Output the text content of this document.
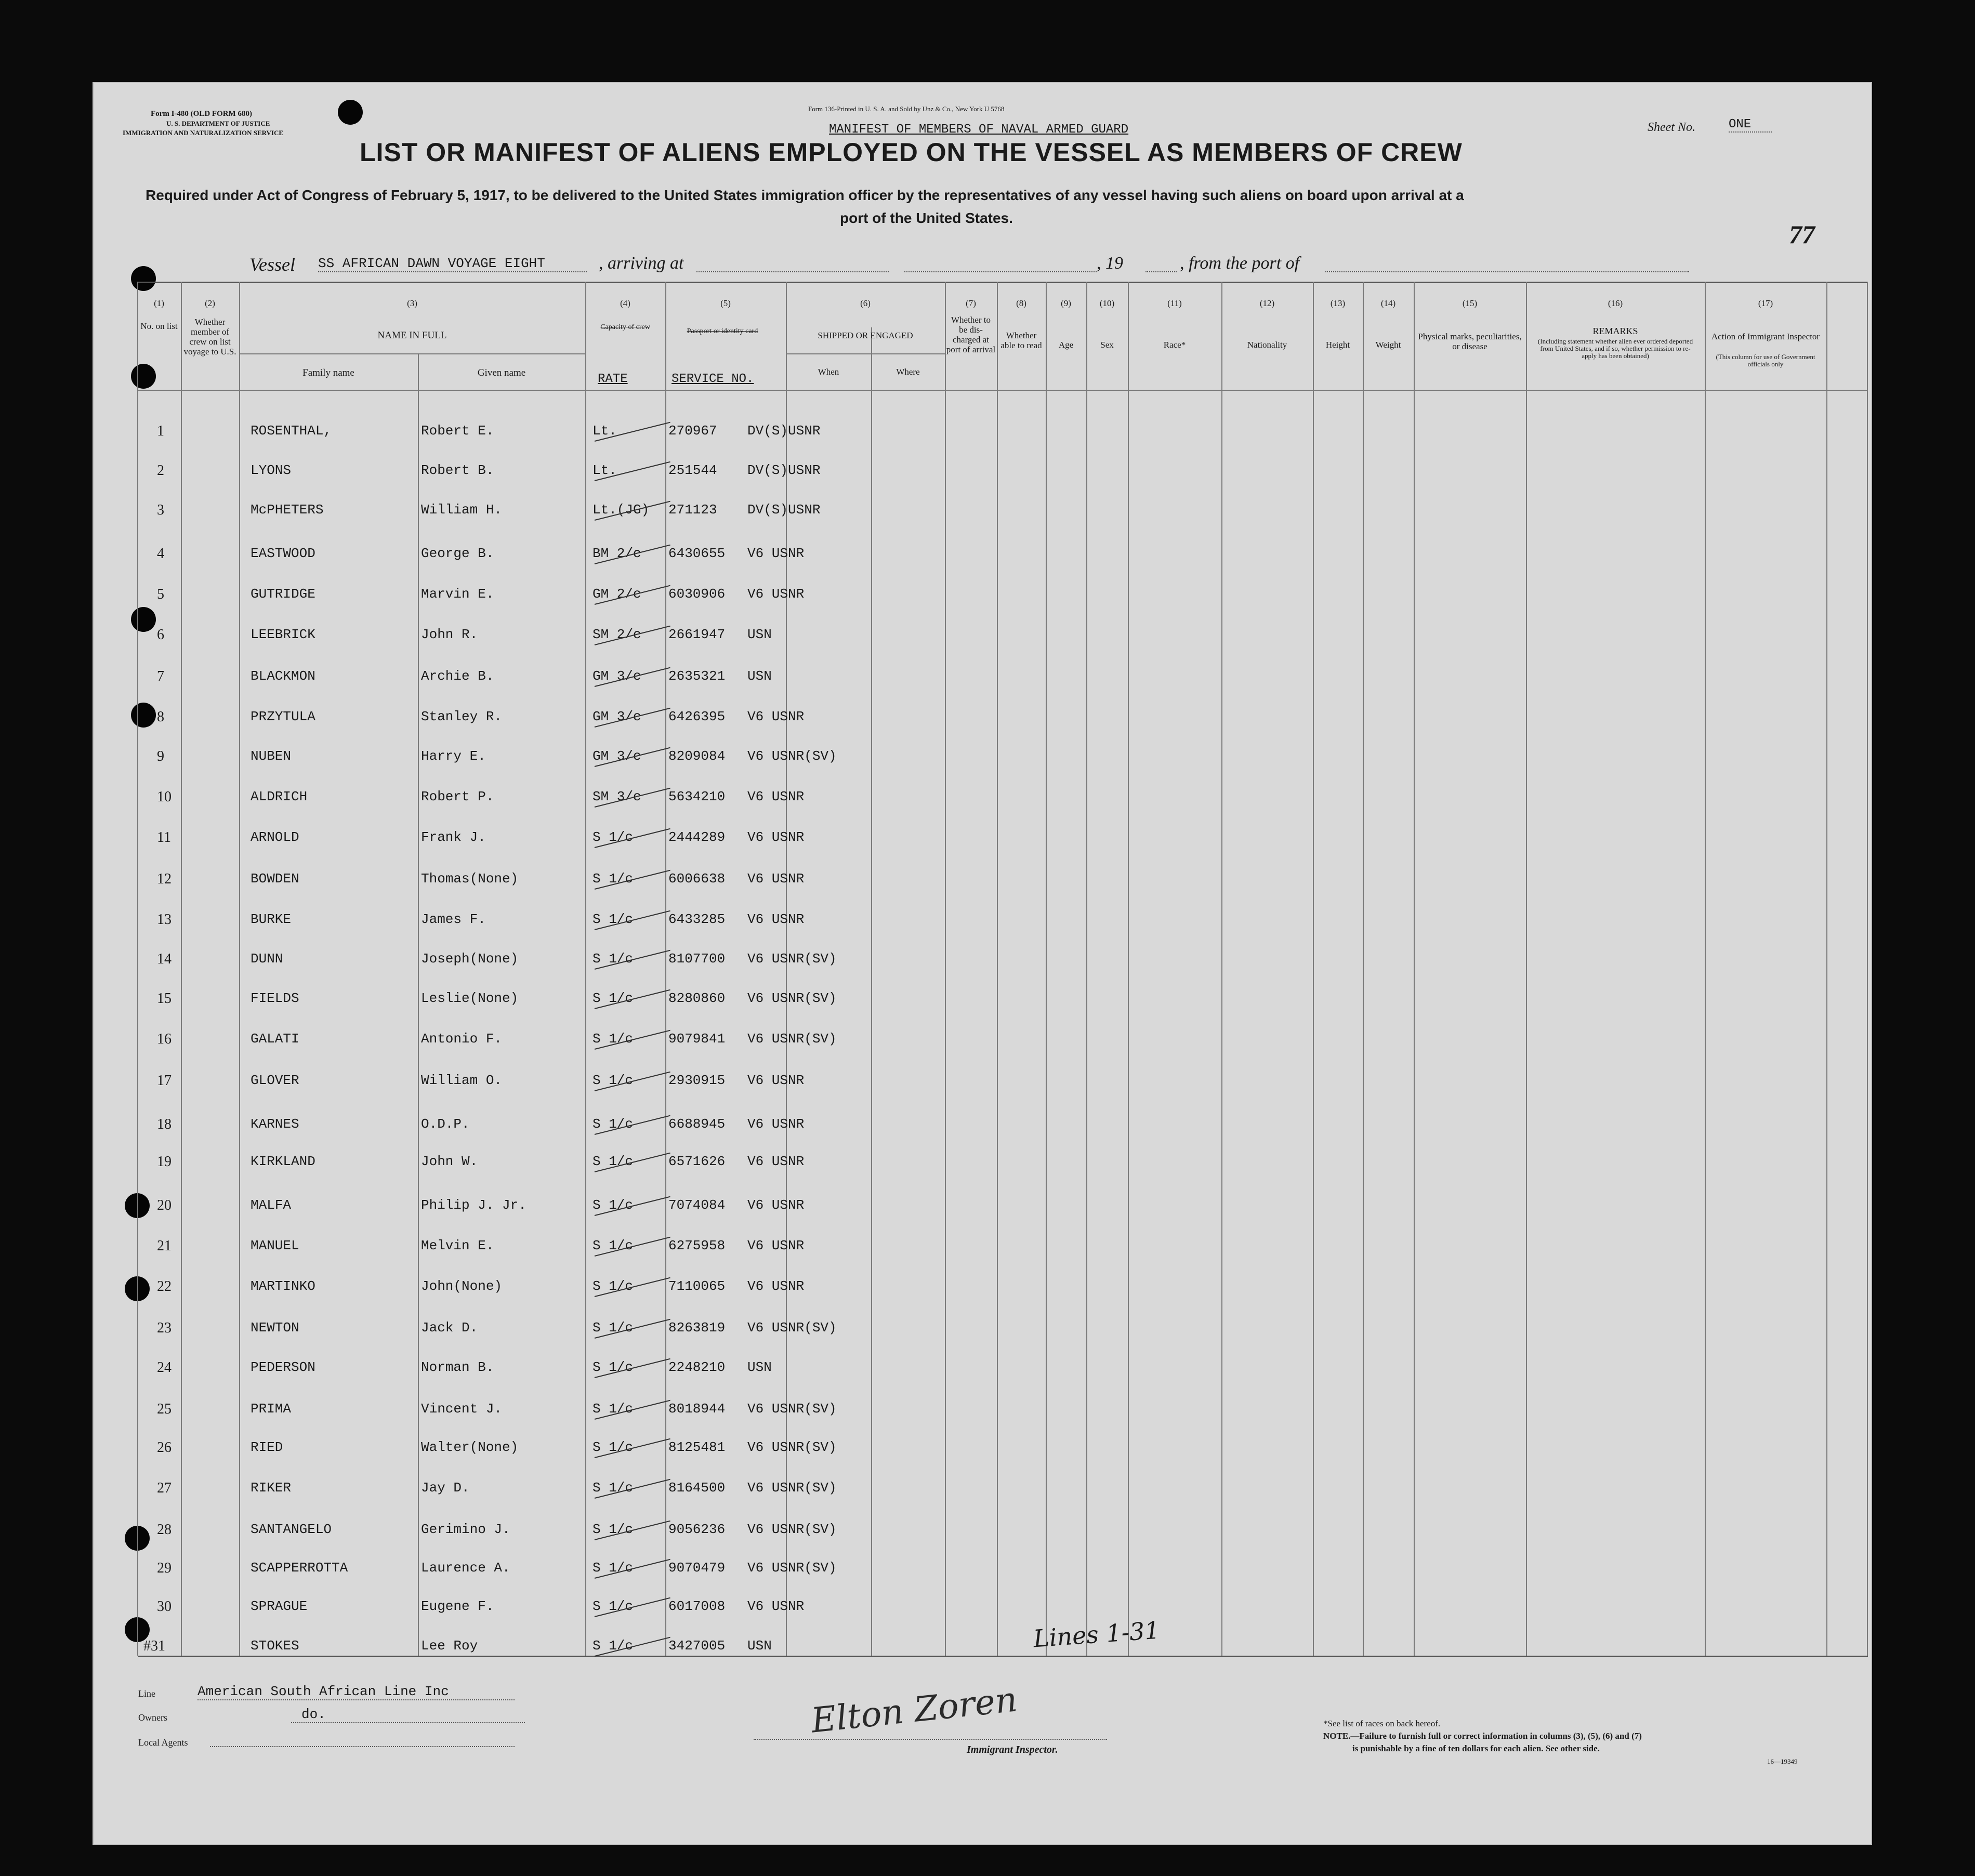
Form I-480 (OLD FORM 680)
U. S. DEPARTMENT OF JUSTICE
IMMIGRATION AND NATURALIZATION SERVICE
Form 136-Printed in U. S. A. and Sold by Unz & Co., New York U 5768
MANIFEST OF MEMBERS OF NAVAL ARMED GUARD	Sheet No.	ONE
LIST OR MANIFEST OF ALIENS EMPLOYED ON THE VESSEL AS MEMBERS OF CREW
Required under Act of Congress of February 5, 1917, to be delivered to the United States immigration officer by the representatives of any vessel having such aliens on board upon arrival at a
port of the United States.
77
Vessel SS AFRICAN DAWN VOYAGE EIGHT	, arriving at	, 19	, from the port of
(1)	(2)	(3)	(4)	(5)	(6)	(7)	(8)	(9)	(10)	(11)	(12)	(13)	(14)	(15)	(16)	(17)
No. on list	Whether member of crew on list voyage to U.S.
NAME IN FULL
Family name	Given name
Capacity of crew
RATE
Passport or identity card
SERVICE NO.
SHIPPED OR ENGAGED
When	Where
Whether to be dis-charged at port of arrival
Whether able to read	Age	Sex	Race*	Nationality	Height	Weight
Physical marks, peculiarities, or disease
REMARKS
(Including statement whether alien ever ordered deported from United States, and if so, whether permission to re-apply has been obtained)
Action of Immigrant Inspector
(This column for use of Government officials only
1	ROSENTHAL,	Robert E.	Lt.	270967 DV(S)USNR
2	LYONS	Robert B.	Lt.	251544 DV(S)USNR
3	McPHETERS	William H.	Lt.(JG) 271123 DV(S)USNR
4	EASTWOOD	George B.	BM 2/c 6430655 V6 USNR
5	GUTRIDGE	Marvin E.	GM 2/c 6030906 V6 USNR
6	LEEBRICK	John R.	SM 2/c 2661947 USN
7	BLACKMON	Archie B.	GM 3/c 2635321 USN
8	PRZYTULA	Stanley R.	GM 3/c 6426395 V6 USNR
9	NUBEN	Harry E.	GM 3/c 8209084 V6 USNR(SV)
10	ALDRICH	Robert P.	SM 3/c 5634210 V6 USNR
11	ARNOLD	Frank J.	S 1/c	2444289 V6 USNR
12	BOWDEN	Thomas(None)	S 1/c	6006638 V6 USNR
13	BURKE	James F.	S 1/c	6433285 V6 USNR
14	DUNN	Joseph(None)	S 1/c	8107700 V6 USNR(SV)
15	FIELDS	Leslie(None)	S 1/c	8280860 V6 USNR(SV)
16	GALATI	Antonio F.	S 1/c	9079841 V6 USNR(SV)
17	GLOVER	William O.	S 1/c	2930915 V6 USNR
18	KARNES	O.D.P.	S 1/c	6688945 V6 USNR
19	KIRKLAND	John W.	S 1/c	6571626 V6 USNR
20	MALFA	Philip J. Jr.	S 1/c	7074084 V6 USNR
21	MANUEL	Melvin E.	S 1/c	6275958 V6 USNR
22	MARTINKO	John(None)	S 1/c	7110065 V6 USNR
23	NEWTON	Jack D.	S 1/c	8263819 V6 USNR(SV)
24	PEDERSON	Norman B.	S 1/c	2248210 USN
25	PRIMA	Vincent J.	S 1/c	8018944 V6 USNR(SV)
26	RIED	Walter(None)	S 1/c	8125481 V6 USNR(SV)
27	RIKER	Jay D.	S 1/c	8164500 V6 USNR(SV)
28	SANTANGELO	Gerimino J.	S 1/c	9056236 V6 USNR(SV)
29	SCAPPERROTTA	Laurence A.	S 1/c	9070479 V6 USNR(SV)
30	SPRAGUE	Eugene F.	S 1/c	6017008 V6 USNR
#31	STOKES	Lee Roy	S 1/c	3427005 USN	Lines 1-31
Line	American South African Line Inc
Owners	do.
Local Agents
Elton Zoren
Immigrant Inspector.
*See list of races on back hereof.
NOTE.—Failure to furnish full or correct information in columns (3), (5), (6) and (7)
is punishable by a fine of ten dollars for each alien. See other side.
16—19349
